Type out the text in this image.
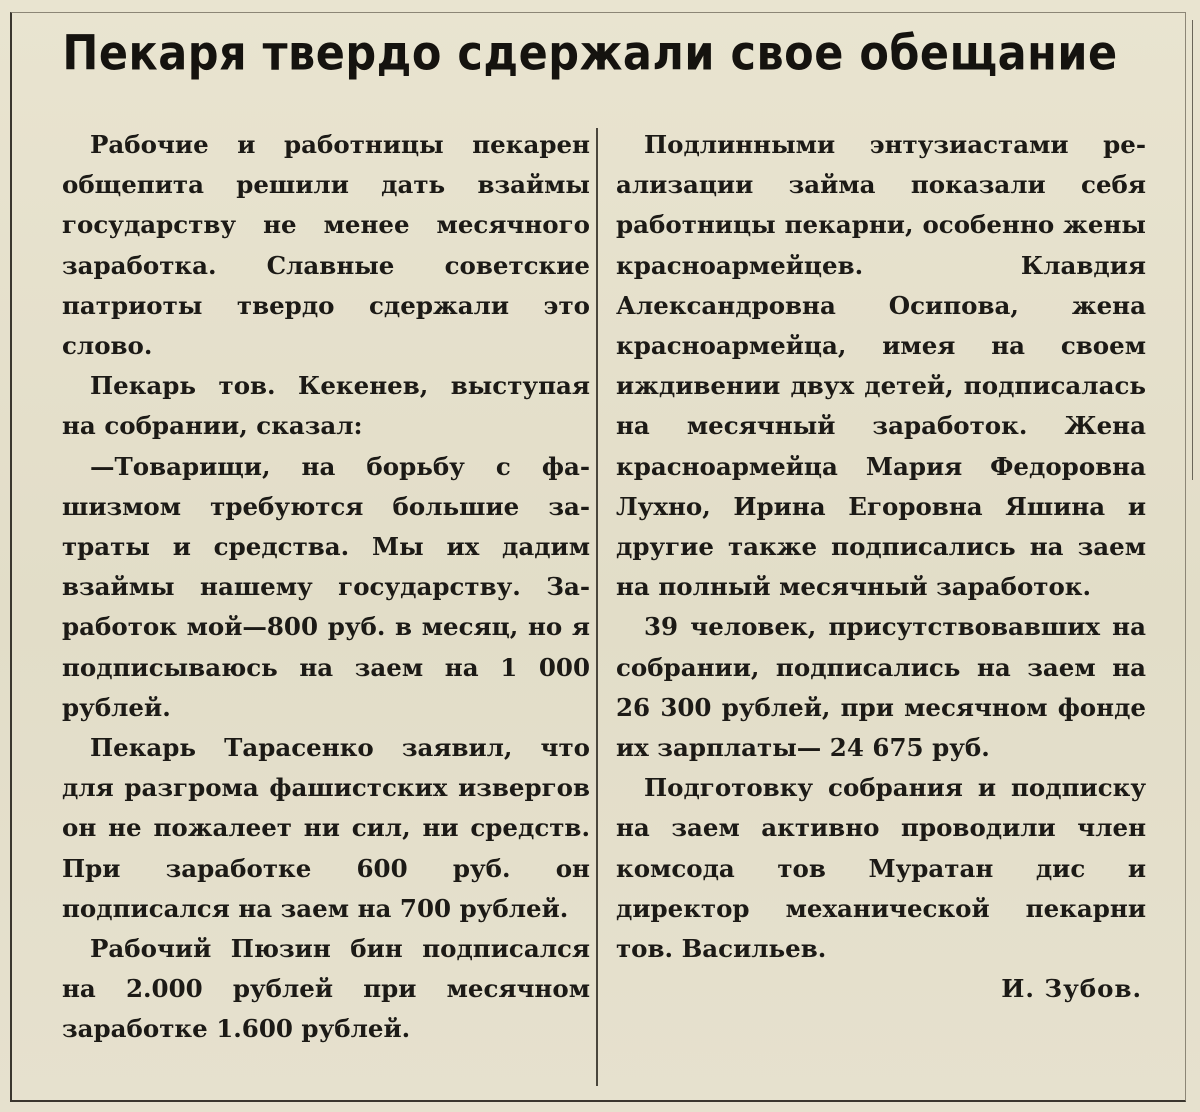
Пекаря твердо сдержали свое обещание

Рабочие и работницы пекарен общепита решили дать взаймы государству не менее месячного заработка. Славные советские патриоты твердо сдержали это слово.

Пекарь тов. Кекенев, выступая на собрании, сказал:

—Товарищи, на борьбу с фашизмом требуются большие затраты и средства. Мы их дадим взаймы нашему государству. Заработок мой—800 руб. в месяц, но я подписываюсь на заем на 1 000 рублей.

Пекарь Тарасенко заявил, что для разгрома фашистских извергов он не пожалеет ни сил, ни средств. При заработке 600 руб. он подписался на заем на 700 рублей.

Рабочий Пюзин бин подписался на 2.000 рублей при месячном заработке 1.600 рублей.

Подлинными энтузиастами реализации займа показали себя работницы пекарни, особенно жены красноармейцев. Клавдия Александровна Осипова, жена красноармейца, имея на своем иждивении двух детей, подписалась на месячный заработок. Жена красноармейца Мария Федоровна Лухно, Ирина Егоровна Яшина и другие также подписались на заем на полный месячный заработок.

39 человек, присутствовавших на собрании, подписались на заем на 26 300 рублей, при месячном фонде их зарплаты— 24 675 руб.

Подготовку собрания и подписку на заем активно проводили член комсода тов Муратан дис и директор механической пекарни тов. Васильев.

И. Зубов.
